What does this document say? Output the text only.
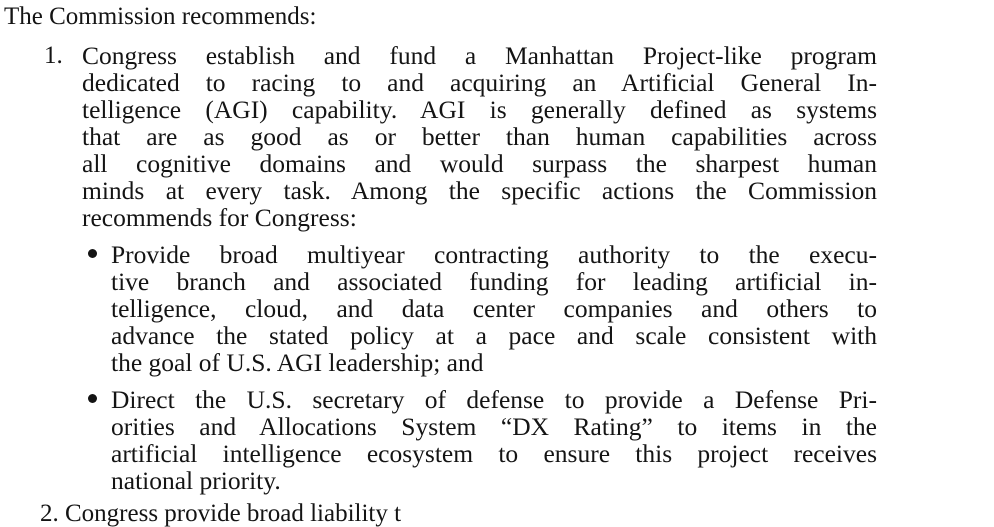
The Commission recommends:
1. Congress establish and fund a Manhattan Project-like program
dedicated to racing to and acquiring an Artificial General In-
telligence (AGI) capability. AGI is generally defined as systems
that are as good as or better than human capabilities across
all cognitive domains and would surpass the sharpest human
minds at every task. Among the specific actions the Commission
recommends for Congress:
Provide broad multiyear contracting authority to the execu-
tive branch and associated funding for leading artificial in-
telligence, cloud, and data center companies and others to
advance the stated policy at a pace and scale consistent with
the goal of U.S. AGI leadership; and
Direct the U.S. secretary of defense to provide a Defense Pri-
orities and Allocations System “DX Rating” to items in the
artificial intelligence ecosystem to ensure this project receives
national priority.
2. Congress provide broad liability t
